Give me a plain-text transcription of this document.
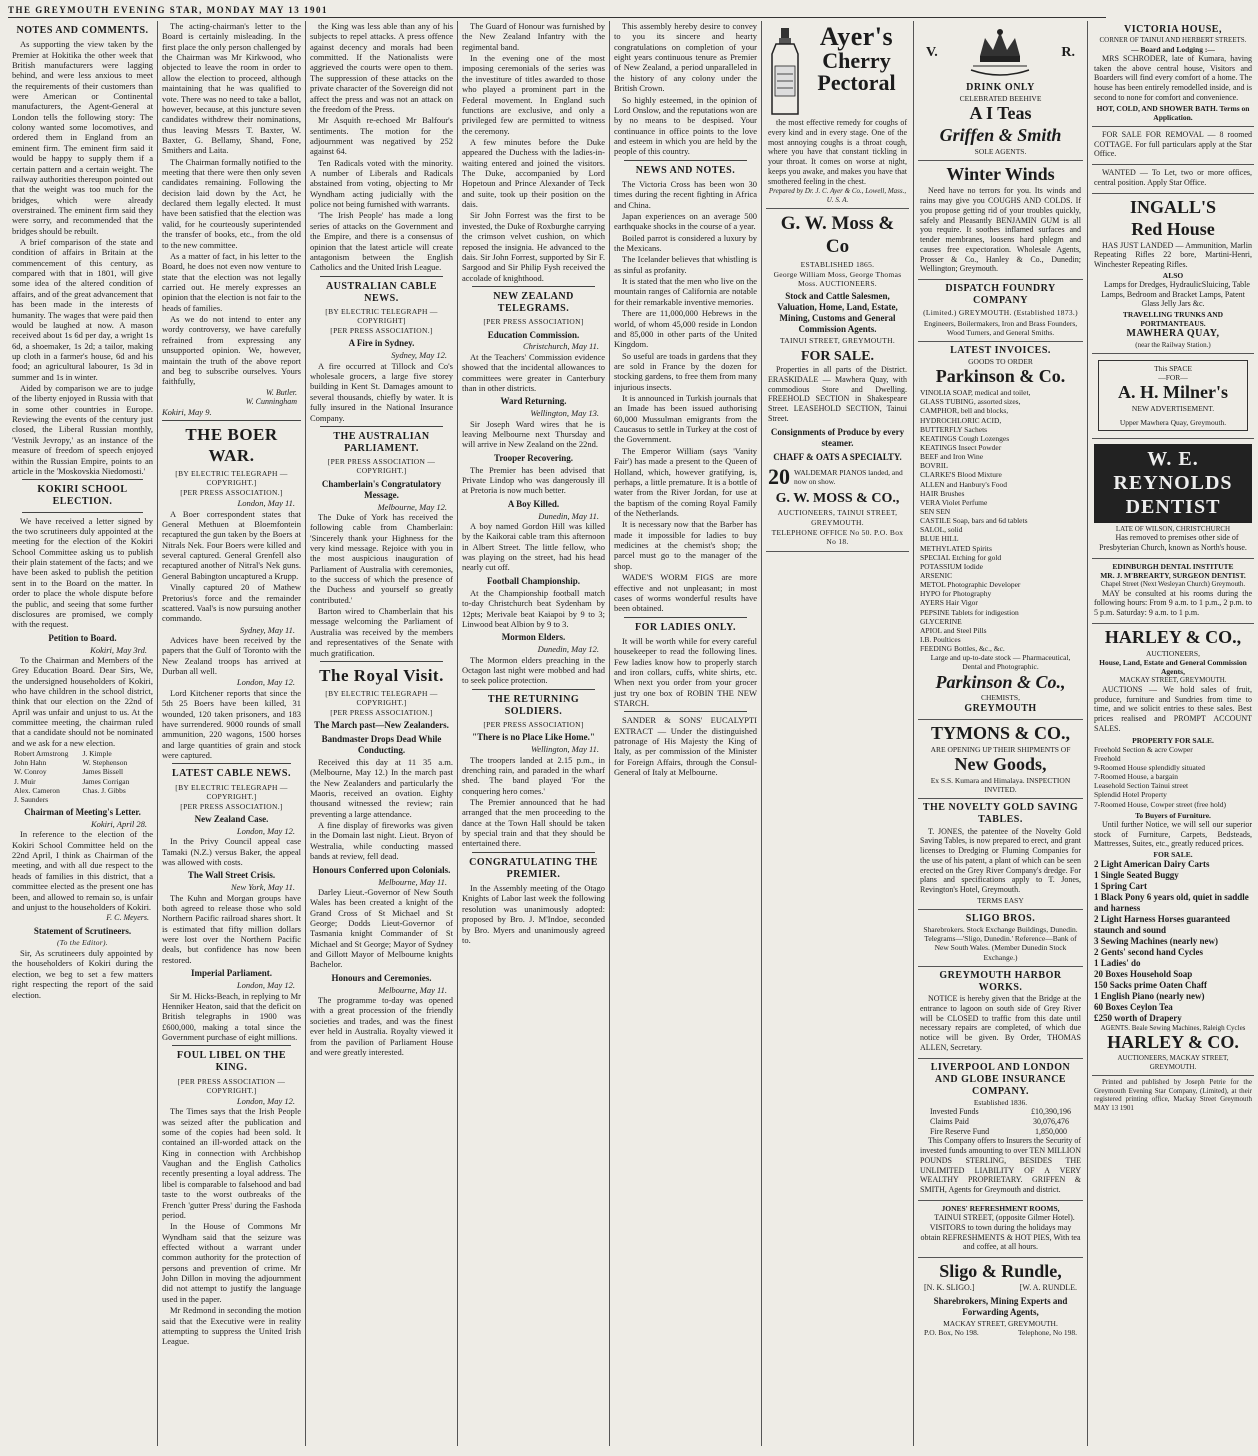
THE GREYMOUTH EVENING STAR, MONDAY MAY 13 1901
NOTES AND COMMENTS.

As supporting the view taken by the Premier at Hokitika the other week that British manufacturers were lagging behind, and were less anxious to meet the requirements of their customers than were American or Continental manufacturers, the Agent-General at London tells the following story: The colony wanted some locomotives, and ordered them in England from an eminent firm. The eminent firm said it would be happy to supply them if a certain pattern and a certain weight. The railway authorities thereupon pointed out that the weight was too much for the bridges, which were already overstrained. The eminent firm said they were sorry, and recommended that the bridges should be rebuilt.

A brief comparison of the state and condition of affairs in Britain at the commencement of this century, as compared with that in 1801, will give some idea of the altered condition of affairs, and of the great advancement that has been made in the interests of humanity. The wages that were paid then would be laughed at now. A mason received about 1s 6d per day, a wright 1s 6d, a shoemaker, 1s 2d; a tailor, making up cloth in a farmer's house, 6d and his food; an agricultural labourer, 1s 3d in summer and 1s in winter.

Aided by comparison we are to judge of the liberty enjoyed in Russia with that in some other countries in Europe. Reviewing the events of the century just closed, the Liberal Russian monthly, 'Vestnik Jevropy,' as an instance of the measure of freedom of speech enjoyed within the Russian Empire, points to an article in the 'Moskovskia Niedomosti.'

KOKIRI SCHOOL ELECTION.

We have received a letter signed by the two scrutineers duly appointed at the meeting for the election of the Kokiri School Committee asking us to publish their plain statement of the facts; and we have been asked to publish the petition sent in to the Board on the matter. In order to place the whole dispute before the public, and seeing that some further disclosures are promised, we comply with the request.

Petition to Board.
Kokiri, May 3rd.

To the Chairman and Members of the Grey Education Board. Dear Sirs, We, the undersigned householders of Kokiri, who have children in the school district, think that our election on the 22nd of April was unfair and unjust to us. At the committee meeting, the chairman ruled that a candidate should not be nominated and we ask for a new election.

Robert Armstrong	J. Kimple
John Hahn	W. Stephenson
W. Conroy	James Bissell
J. Muir	James Corrigan
Alex. Cameron	Chas. J. Gibbs
J. Saunders
Chairman of Meeting's Letter.
Kokiri, April 28.

In reference to the election of the Kokiri School Committee held on the 22nd April, I think as Chairman of the meeting, and with all due respect to the heads of families in this district, that a committee elected as the present one has been, and allowed to remain so, is unfair and unjust to the householders of Kokiri.

F. C. Meyers.
Statement of Scrutineers.
(To the Editor).

Sir, As scrutineers duly appointed by the householders of Kokiri during the election, we beg to set a few matters right respecting the report of the said election.

The acting-chairman's letter to the Board is certainly misleading. In the first place the only person challenged by the Chairman was Mr Kirkwood, who objected to leave the room in order to allow the election to proceed, although maintaining that he was qualified to vote. There was no need to take a ballot, however, because, at this juncture seven candidates withdrew their nominations, thus leaving Messrs T. Baxter, W. Baxter, G. Bellamy, Shand, Fone, Smithers and Laita.

The Chairman formally notified to the meeting that there were then only seven candidates remaining. Following the decision laid down by the Act, he declared them legally elected. It must have been satisfied that the election was valid, for he courteously superintended the transfer of books, etc., from the old to the new committee.

As a matter of fact, in his letter to the Board, he does not even now venture to state that the election was not legally carried out. He merely expresses an opinion that the election is not fair to the heads of families.

As we do not intend to enter any wordy controversy, we have carefully refrained from expressing any unsupported opinion. We, however, maintain the truth of the above report and beg to subscribe ourselves. Yours faithfully,

W. Butler.
W. Cunningham
Kokiri, May 9.
THE BOER WAR.
[BY ELECTRIC TELEGRAPH — COPYRIGHT.]
[PER PRESS ASSOCIATION.]
London, May 11.

A Boer correspondent states that General Methuen at Bloemfontein recaptured the gun taken by the Boers at Nitrals Nek. Four Boers were killed and several captured. General Grenfell also recaptured another of Nitral's Nek guns. General Babington uncaptured a Krupp.

Vinally captured 20 of Mathew Pretorius's force and the remainder scattered. Vaal's is now pursuing another commando.

Sydney, May 11.

Advices have been received by the papers that the Gulf of Toronto with the New Zealand troops has arrived at Durban all well.

London, May 12.

Lord Kitchener reports that since the 5th 25 Boers have been killed, 31 wounded, 120 taken prisoners, and 183 have surrendered. 9000 rounds of small ammunition, 220 wagons, 1500 horses and large quantities of grain and stock were captured.

LATEST CABLE NEWS.
[BY ELECTRIC TELEGRAPH — COPYRIGHT.]
[PER PRESS ASSOCIATION.]
New Zealand Case.
London, May 12.

In the Privy Council appeal case Tamaki (N.Z.) versus Baker, the appeal was allowed with costs.

The Wall Street Crisis.
New York, May 11.

The Kuhn and Morgan groups have both agreed to release those who sold Northern Pacific railroad shares short. It is estimated that fifty million dollars were lost over the Northern Pacific deals, but confidence has now been restored.

Imperial Parliament.
London, May 12.

Sir M. Hicks-Beach, in replying to Mr Henniker Heaton, said that the deficit on British telegraphs in 1900 was £600,000, making a total since the Government purchase of eight millions.

FOUL LIBEL ON THE KING.
[PER PRESS ASSOCIATION — COPYRIGHT.]
London, May 12.

The Times says that the Irish People was seized after the publication and some of the copies had been sold. It contained an ill-worded attack on the King in connection with Archbishop Vaughan and the English Catholics recently presenting a loyal address. The libel is comparable to falsehood and bad taste to the worst outbreaks of the French 'gutter Press' during the Fashoda period.

In the House of Commons Mr Wyndham said that the seizure was effected without a warrant under common authority for the protection of persons and prevention of crime. Mr John Dillon in moving the adjournment did not attempt to justify the language used in the paper.

Mr Redmond in seconding the motion said that the Executive were in reality attempting to suppress the United Irish League.

the King was less able than any of his subjects to repel attacks. A press offence against decency and morals had been committed. If the Nationalists were aggrieved the courts were open to them. The suppression of these attacks on the private character of the Sovereign did not affect the press and was not an attack on the freedom of the Press.

Mr Asquith re-echoed Mr Balfour's sentiments. The motion for the adjournment was negatived by 252 against 64.

Ten Radicals voted with the minority. A number of Liberals and Radicals abstained from voting, objecting to Mr Wyndham acting judicially with the police not being furnished with warrants.

'The Irish People' has made a long series of attacks on the Government and the Empire, and there is a consensus of opinion that the latest article will create antagonism between the English Catholics and the United Irish League.

AUSTRALIAN CABLE NEWS.
[BY ELECTRIC TELEGRAPH — COPYRIGHT]
[PER PRESS ASSOCIATION.]
A Fire in Sydney.
Sydney, May 12.

A fire occurred at Tillock and Co's wholesale grocers, a large five storey building in Kent St. Damages amount to several thousands, chiefly by water. It is fully insured in the National Insurance Company.

THE AUSTRALIAN PARLIAMENT.
[PER PRESS ASSOCIATION — COPYRIGHT.]
Chamberlain's Congratulatory Message.
Melbourne, May 12.

The Duke of York has received the following cable from Chamberlain: 'Sincerely thank your Highness for the very kind message. Rejoice with you in the most auspicious inauguration of Parliament of Australia with ceremonies, to the success of which the presence of the Duchess and yourself so greatly contributed.'

Barton wired to Chamberlain that his message welcoming the Parliament of Australia was received by the members and representatives of the Senate with much gratification.

The Royal Visit.
[BY ELECTRIC TELEGRAPH — COPYRIGHT.]
[PER PRESS ASSOCIATION.]
The March past—New Zealanders.
Bandmaster Drops Dead While Conducting.

Received this day at 11 35 a.m. (Melbourne, May 12.) In the march past the New Zealanders and particularly the Maoris, received an ovation. Eighty thousand witnessed the review; rain preventing a large attendance.

A fine display of fireworks was given in the Domain last night. Lieut. Bryon of Westralia, while conducting massed bands at review, fell dead.

Honours Conferred upon Colonials.
Melbourne, May 11.

Darley Lieut.-Governor of New South Wales has been created a knight of the Grand Cross of St Michael and St George; Dodds Lieut-Governor of Tasmania knight Commander of St Michael and St George; Mayor of Sydney and Gillott Mayor of Melbourne knights Bachelor.

Honours and Ceremonies.
Melbourne, May 11.

The programme to-day was opened with a great procession of the friendly societies and trades, and was the finest ever held in Australia. Royalty viewed it from the pavilion of Parliament House and were greatly interested.

The Guard of Honour was furnished by the New Zealand Infantry with the regimental band.

In the evening one of the most imposing ceremonials of the series was the investiture of titles awarded to those who played a prominent part in the Federal movement. In England such functions are exclusive, and only a privileged few are permitted to witness the ceremony.

A few minutes before the Duke appeared the Duchess with the ladies-in-waiting entered and joined the visitors. The Duke, accompanied by Lord Hopetoun and Prince Alexander of Teck and suite, took up their position on the dais.

Sir John Forrest was the first to be invested, the Duke of Roxburghe carrying the crimson velvet cushion, on which reposed the insignia. He advanced to the dais. Sir John Forrest, supported by Sir F. Sargood and Sir Philip Fysh received the accolade of knighthood.

NEW ZEALAND TELEGRAMS.
[PER PRESS ASSOCIATION]
Education Commission.
Christchurch, May 11.

At the Teachers' Commission evidence showed that the incidental allowances to committees were greater in Canterbury than in other districts.

Ward Returning.
Wellington, May 13.

Sir Joseph Ward wires that he is leaving Melbourne next Thursday and will arrive in New Zealand on the 22nd.

Trooper Recovering.

The Premier has been advised that Private Lindop who was dangerously ill at Pretoria is now much better.

A Boy Killed.
Dunedin, May 11.

A boy named Gordon Hill was killed by the Kaikorai cable tram this afternoon in Albert Street. The little fellow, who was playing on the street, had his head nearly cut off.

Football Championship.

At the Championship football match to-day Christchurch beat Sydenham by 12pts; Merivale beat Kaiapoi by 9 to 3; Linwood beat Albion by 9 to 3.

Mormon Elders.
Dunedin, May 12.

The Mormon elders preaching in the Octagon last night were mobbed and had to seek police protection.

THE RETURNING SOLDIERS.
[PER PRESS ASSOCIATION]
"There is no Place Like Home."
Wellington, May 11.

The troopers landed at 2.15 p.m., in drenching rain, and paraded in the wharf shed. The band played 'For the conquering hero comes.'

The Premier announced that he had arranged that the men proceeding to the dance at the Town Hall should be taken by special train and that they should be entertained there.

CONGRATULATING THE PREMIER.

In the Assembly meeting of the Otago Knights of Labor last week the following resolution was unanimously adopted: proposed by Bro. J. M'Indoe, seconded by Bro. Myers and unanimously agreed to.

This assembly hereby desire to convey to you its sincere and hearty congratulations on completion of your eight years continuous tenure as Premier of New Zealand, a period unparalleled in the history of any colony under the British Crown.

So highly esteemed, in the opinion of Lord Onslow, and the reputations won are by no means to be despised. Your continuance in office points to the love and esteem in which you are held by the people of this country.

NEWS AND NOTES.

The Victoria Cross has been won 30 times during the recent fighting in Africa and China.

Japan experiences on an average 500 earthquake shocks in the course of a year.

Boiled parrot is considered a luxury by the Mexicans.

The Icelander believes that whistling is as sinful as profanity.

It is stated that the men who live on the mountain ranges of California are notable for their remarkable inventive memories.

There are 11,000,000 Hebrews in the world, of whom 45,000 reside in London and 85,000 in other parts of the United Kingdom.

So useful are toads in gardens that they are sold in France by the dozen for stocking gardens, to free them from many injurious insects.

It is announced in Turkish journals that an Imade has been issued authorising 60,000 Mussulman emigrants from the Caucasus to settle in Turkey at the cost of the Government.

The Emperor William (says 'Vanity Fair') has made a present to the Queen of Holland, which, however gratifying, is, perhaps, a little premature. It is a bottle of water from the River Jordan, for use at the baptism of the coming Royal Family of the Netherlands.

It is necessary now that the Barber has made it impossible for ladies to buy medicines at the chemist's shop; the parcel must go to the manager of the shop.

WADE'S WORM FIGS are more effective and not unpleasant; in most cases of worms wonderful results have been obtained.

FOR LADIES ONLY.

It will be worth while for every careful housekeeper to read the following lines. Few ladies know how to properly starch and iron collars, cuffs, white shirts, etc. When next you order from your grocer just try one box of ROBIN THE NEW STARCH.

SANDER & SONS' EUCALYPTI EXTRACT — Under the distinguished patronage of His Majesty the King of Italy, as per commission of the Minister for Foreign Affairs, through the Consul-General of Italy at Melbourne.

Ayer's
Cherry Pectoral

the most effective remedy for coughs of every kind and in every stage. One of the most annoying coughs is a throat cough, where you have that constant tickling in your throat. It comes on worse at night, keeps you awake, and makes you have that smothered feeling in the chest.

Prepared by Dr. J. C. Ayer & Co., Lowell, Mass., U. S. A.
G. W. Moss & Co
ESTABLISHED 1865.
George William Moss, George Thomas Moss. AUCTIONEERS.
Stock and Cattle Salesmen, Valuation, Home, Land, Estate, Mining, Customs and General Commission Agents.
TAINUI STREET, GREYMOUTH.
FOR SALE.

Properties in all parts of the District. ERASKIDALE — Mawhera Quay, with commodious Store and Dwelling. FREEHOLD SECTION in Shakespeare Street. LEASEHOLD SECTION, Tainui Street.

Consignments of Produce by every steamer.
CHAFF & OATS A SPECIALTY.
20 WALDEMAR PIANOS landed, and now on show.
G. W. MOSS & CO.,
AUCTIONEERS, TAINUI STREET, GREYMOUTH.
TELEPHONE OFFICE No 50. P.O. Box No 18.
V.	R.
DRINK ONLY
CELEBRATED BEEHIVE
A I Teas
Griffen & Smith
SOLE AGENTS.
Winter Winds

Need have no terrors for you. Its winds and rains may give you COUGHS AND COLDS. If you propose getting rid of your troubles quickly, safely and Pleasantly BENJAMIN GUM is all you require. It soothes inflamed surfaces and tender membranes, loosens hard phlegm and causes free expectoration. Wholesale Agents, Prosser & Co., Hanley & Co., Dunedin; Wellington; Greymouth.

DISPATCH FOUNDRY COMPANY
(Limited.) GREYMOUTH. (Established 1873.)
Engineers, Boilermakers, Iron and Brass Founders, Wood Turners, and General Smiths.
LATEST INVOICES.
GOODS TO ORDER
Parkinson & Co.
VINOLIA SOAP, medical and toilet,
GLASS TUBING, assorted sizes,
CAMPHOR, bell and blocks,
HYDROCHLORIC ACID,
BUTTERFLY Sachets
KEATINGS Cough Lozenges
KEATINGS Insect Powder
BEEF and Iron Wine
BOVRIL
CLARKE'S Blood Mixture
ALLEN and Hanbury's Food
HAIR Brushes
VERA Violet Perfume
SEN SEN
CASTILE Soap, bars and 6d tablets
SALOL, solid
BLUE HILL
METHYLATED Spirits
SPECIAL Etching for gold
POTASSIUM Iodide
ARSENIC
METOL Photographic Developer
HYPO for Photography
AYERS Hair Vigor
PEPSINE Tablets for indigestion
GLYCERINE
APIOL and Steel Pills
I.B. Poultices
FEEDING Bottles, &c., &c.
Large and up-to-date stock — Pharmaceutical, Dental and Photographic.
Parkinson & Co.,
CHEMISTS,
GREYMOUTH
TYMONS & CO.,
ARE OPENING UP THEIR SHIPMENTS OF
New Goods,
Ex S.S. Kumara and Himalaya. INSPECTION INVITED.
THE NOVELTY GOLD SAVING TABLES.

T. JONES, the patentee of the Novelty Gold Saving Tables, is now prepared to erect, and grant licenses to Dredging or Fluming Companies for the use of his patent, a plant of which can be seen erected on the Grey River Company's dredge. For plans and specifications apply to T. Jones, Revington's Hotel, Greymouth.

TERMS EASY
SLIGO BROS.
Sharebrokers. Stock Exchange Buildings, Dunedin.
Telegrams—'Sligo, Dunedin.' Reference—Bank of New South Wales. (Member Dunedin Stock Exchange.)
GREYMOUTH HARBOR WORKS.

NOTICE is hereby given that the Bridge at the entrance to lagoon on south side of Grey River will be CLOSED to traffic from this date until necessary repairs are completed, of which due notice will be given. By Order, THOMAS ALLEN, Secretary.

LIVERPOOL AND LONDON AND GLOBE INSURANCE COMPANY.
Established 1836.
Invested Funds	£10,390,196
Claims Paid	30,076,476
Fire Reserve Fund	1,850,000

This Company offers to Insurers the Security of invested funds amounting to over TEN MILLION POUNDS STERLING, BESIDES THE UNLIMITED LIABILITY OF A VERY WEALTHY PROPRIETARY. GRIFFEN & SMITH, Agents for Greymouth and district.

JONES' REFRESHMENT ROOMS,

TAINUI STREET, (opposite Gilmer Hotel). VISITORS to town during the holidays may obtain REFRESHMENTS & HOT PIES, With tea and coffee, at all hours.

Sligo & Rundle,
[N. K. SLIGO.]	[W. A. RUNDLE.
Sharebrokers, Mining Experts and Forwarding Agents,
MACKAY STREET, GREYMOUTH.
P.O. Box, No 198.	Telephone, No 198.
VICTORIA HOUSE,
CORNER OF TAINUI AND HERBERT STREETS.
— Board and Lodging :—

MRS SCHRODER, late of Kumara, having taken the above central house, Visitors and Boarders will find every comfort of a home. The house has been entirely remodelled inside, and is second to none for comfort and convenience.

HOT, COLD, AND SHOWER BATH. Terms on Application.

FOR SALE FOR REMOVAL — 8 roomed COTTAGE. For full particulars apply at the Star Office.

WANTED — To Let, two or more offices, central position. Apply Star Office.

INGALL'S
Red House

HAS JUST LANDED — Ammunition, Marlin Repeating Rifles 22 bore, Martini-Henri, Winchester Repeating Rifles.

ALSO

Lamps for Dredges, HydraulicSluicing, Table Lamps, Bedroom and Bracket Lamps, Patent Glass Jelly Jars &c.

TRAVELLING TRUNKS AND PORTMANTEAUS.
MAWHERA QUAY,
(near the Railway Station.)
This SPACE
—FOR—
A. H. Milner's
NEW ADVERTISEMENT.
Upper Mawhera Quay, Greymouth.
W. E. REYNOLDS DENTIST
LATE OF WILSON, CHRISTCHURCH

Has removed to premises other side of Presbyterian Church, known as North's house.

EDINBURGH DENTAL INSTITUTE
MR. J. M'BREARTY, SURGEON DENTIST.
Chapel Street (Next Wesleyan Church) Greymouth.

MAY be consulted at his rooms during the following hours: From 9 a.m. to 1 p.m., 2 p.m. to 5 p.m. Saturday: 9 a.m. to 1 p.m.

HARLEY & CO.,
AUCTIONEERS,
House, Land, Estate and General Commission Agents,
MACKAY STREET, GREYMOUTH.

AUCTIONS — We hold sales of fruit, produce, furniture and Sundries from time to time, and we solicit entries to these sales. Best prices realised and PROMPT ACCOUNT SALES.

PROPERTY FOR SALE.
Freehold Section & acre Cowper
Freehold
9-Roomed House splendidly situated
7-Roomed House, a bargain
Leasehold Section Tainui street
Splendid Hotel Property
7-Roomed House, Cowper street (free hold)
To Buyers of Furniture.

Until further Notice, we will sell our superior stock of Furniture, Carpets, Bedsteads, Mattresses, Suites, etc., greatly reduced prices.

FOR SALE.
2 Light American Dairy Carts
1 Single Seated Buggy
1 Spring Cart
1 Black Pony 6 years old, quiet in saddle and harness
2 Light Harness Horses guaranteed staunch and sound
3 Sewing Machines (nearly new)
2 Gents' second hand Cycles
1 Ladies' do
20 Boxes Household Soap
150 Sacks prime Oaten Chaff
1 English Piano (nearly new)
60 Boxes Ceylon Tea
£250 worth of Drapery
AGENTS. Beale Sewing Machines, Raleigh Cycles
HARLEY & CO.
AUCTIONEERS, MACKAY STREET, GREYMOUTH.

Printed and published by Joseph Petrie for the Greymouth Evening Star Company, (Limited), at their registered printing office, Mackay Street Greymouth MAY 13 1901
